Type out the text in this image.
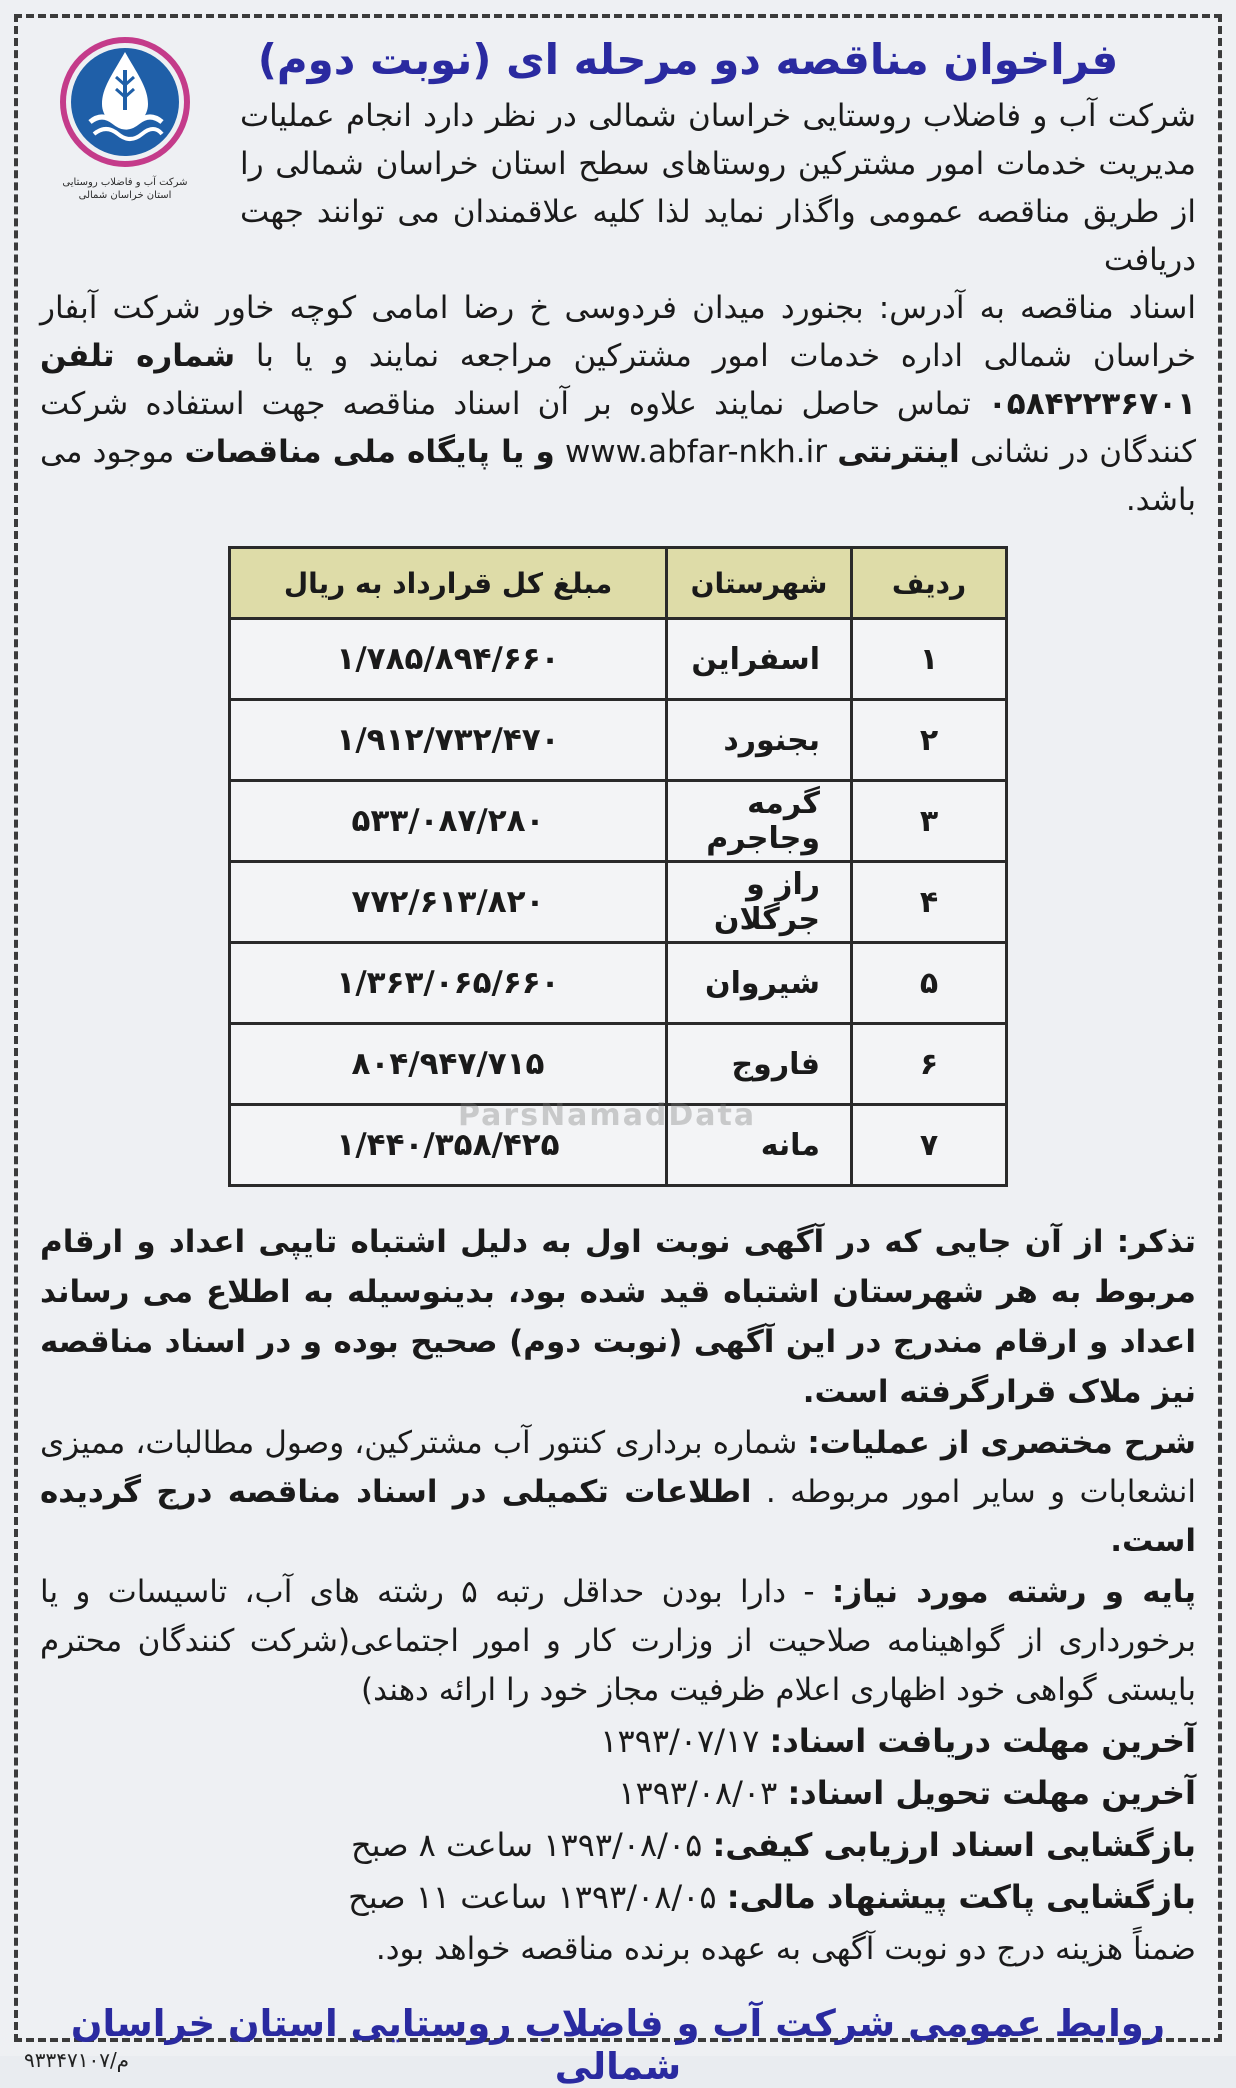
شرکت آب و فاضلاب روستایی استان خراسان شمالی
فراخوان مناقصه دو مرحله ای (نوبت دوم)
شرکت آب و فاضلاب روستایی خراسان شمالی در نظر دارد انجام عملیات مدیریت خدمات امور مشترکین روستاهای سطح استان خراسان شمالی را از طریق مناقصه عمومی واگذار نماید لذا کلیه علاقمندان می توانند جهت دریافت
اسناد مناقصه به آدرس: بجنورد میدان فردوسی خ رضا امامی کوچه خاور شرکت آبفار خراسان شمالی اداره خدمات امور مشترکین مراجعه نمایند و یا با شماره تلفن ۰۵۸۴۲۲۳۶۷۰۱ تماس حاصل نمایند علاوه بر آن اسناد مناقصه جهت استفاده شرکت کنندگان در نشانی اینترنتی www.abfar-nkh.ir و یا پایگاه ملی مناقصات موجود می باشد.
ردیف	شهرستان	مبلغ کل قرارداد به ریال
۱	اسفراین	۱/۷۸۵/۸۹۴/۶۶۰
۲	بجنورد	۱/۹۱۲/۷۳۲/۴۷۰
۳	گرمه وجاجرم	۵۳۳/۰۸۷/۲۸۰
۴	راز و جرگلان	۷۷۲/۶۱۳/۸۲۰
۵	شیروان	۱/۳۶۳/۰۶۵/۶۶۰
۶	فاروج	۸۰۴/۹۴۷/۷۱۵
۷	مانه	۱/۴۴۰/۳۵۸/۴۲۵
ParsNamadData
تذکر: از آن جایی که در آگهی نوبت اول به دلیل اشتباه تایپی اعداد و ارقام مربوط به هر شهرستان اشتباه قید شده بود، بدینوسیله به اطلاع می رساند اعداد و ارقام مندرج در این آگهی (نوبت دوم) صحیح بوده و در اسناد مناقصه نیز ملاک قرارگرفته است.
شرح مختصری از عملیات: شماره برداری کنتور آب مشترکین، وصول مطالبات، ممیزی انشعابات و سایر امور مربوطه . اطلاعات تکمیلی در اسناد مناقصه درج گردیده است.
پایه و رشته مورد نیاز: - دارا بودن حداقل رتبه ۵ رشته های آب، تاسیسات و یا برخورداری از گواهینامه صلاحیت از وزارت کار و امور اجتماعی(شرکت کنندگان محترم بایستی گواهی خود اظهاری اعلام ظرفیت مجاز خود را ارائه دهند)
آخرین مهلت دریافت اسناد: ۱۳۹۳/۰۷/۱۷
آخرین مهلت تحویل اسناد: ۱۳۹۳/۰۸/۰۳
بازگشایی اسناد ارزیابی کیفی: ۱۳۹۳/۰۸/۰۵ ساعت ۸ صبح
بازگشایی پاکت پیشنهاد مالی: ۱۳۹۳/۰۸/۰۵ ساعت ۱۱ صبح
ضمناً هزینه درج دو نوبت آگهی به عهده برنده مناقصه خواهد بود.
روابط عمومی شرکت آب و فاضلاب روستایی استان خراسان شمالی
م/۹۳۳۴۷۱۰۷
